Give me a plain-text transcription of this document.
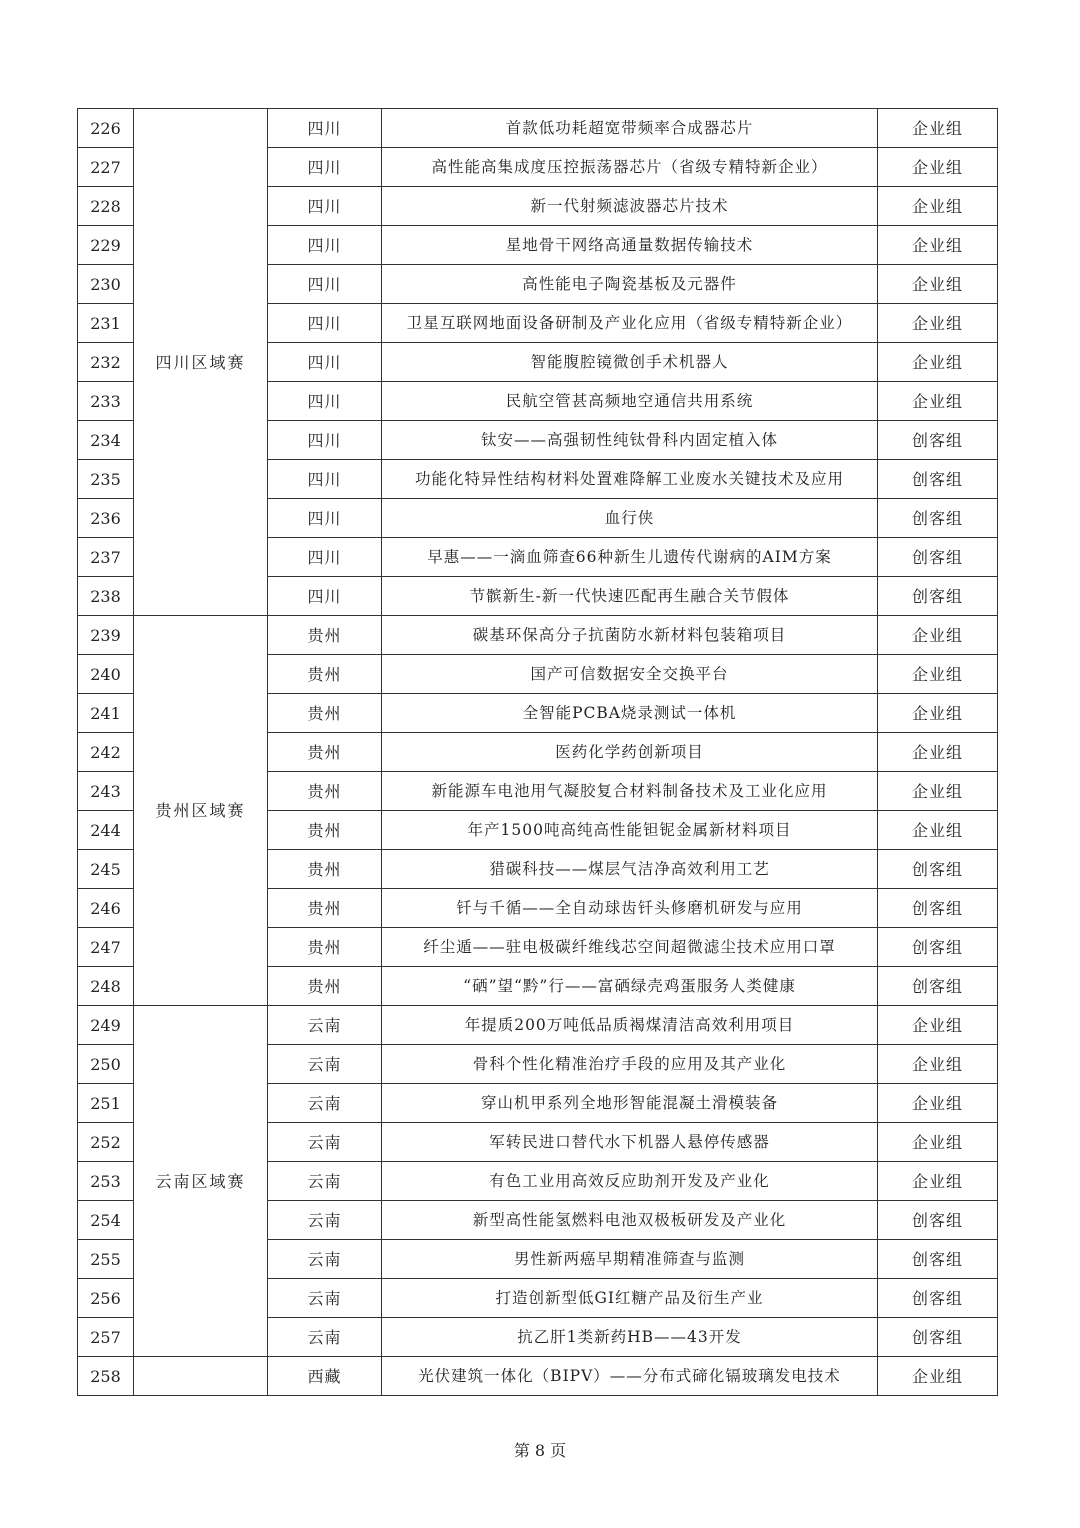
226	四川区域赛	四川	首款低功耗超宽带频率合成器芯片	企业组
227		四川	高性能高集成度压控振荡器芯片（省级专精特新企业）	企业组
228		四川	新一代射频滤波器芯片技术	企业组
229		四川	星地骨干网络高通量数据传输技术	企业组
230		四川	高性能电子陶瓷基板及元器件	企业组
231		四川	卫星互联网地面设备研制及产业化应用（省级专精特新企业）	企业组
232		四川	智能腹腔镜微创手术机器人	企业组
233		四川	民航空管甚高频地空通信共用系统	企业组
234		四川	钛安——高强韧性纯钛骨科内固定植入体	创客组
235		四川	功能化特异性结构材料处置难降解工业废水关键技术及应用	创客组
236		四川	血行侠	创客组
237		四川	早惠——一滴血筛查66种新生儿遗传代谢病的AIM方案	创客组
238		四川	节髌新生-新一代快速匹配再生融合关节假体	创客组
239	贵州区域赛	贵州	碳基环保高分子抗菌防水新材料包装箱项目	企业组
240		贵州	国产可信数据安全交换平台	企业组
241		贵州	全智能PCBA烧录测试一体机	企业组
242		贵州	医药化学药创新项目	企业组
243		贵州	新能源车电池用气凝胶复合材料制备技术及工业化应用	企业组
244		贵州	年产1500吨高纯高性能钽铌金属新材料项目	企业组
245		贵州	猎碳科技——煤层气洁净高效利用工艺	创客组
246		贵州	钎与千循——全自动球齿钎头修磨机研发与应用	创客组
247		贵州	纤尘遁——驻电极碳纤维线芯空间超微滤尘技术应用口罩	创客组
248		贵州	“硒”望“黔”行——富硒绿壳鸡蛋服务人类健康	创客组
249	云南区域赛	云南	年提质200万吨低品质褐煤清洁高效利用项目	企业组
250		云南	骨科个性化精准治疗手段的应用及其产业化	企业组
251		云南	穿山机甲系列全地形智能混凝土滑模装备	企业组
252		云南	军转民进口替代水下机器人悬停传感器	企业组
253		云南	有色工业用高效反应助剂开发及产业化	企业组
254		云南	新型高性能氢燃料电池双极板研发及产业化	创客组
255		云南	男性新两癌早期精准筛查与监测	创客组
256		云南	打造创新型低GI红糖产品及衍生产业	创客组
257		云南	抗乙肝1类新药HB——43开发	创客组
258		西藏	光伏建筑一体化（BIPV）——分布式碲化镉玻璃发电技术	企业组
第 8 页
